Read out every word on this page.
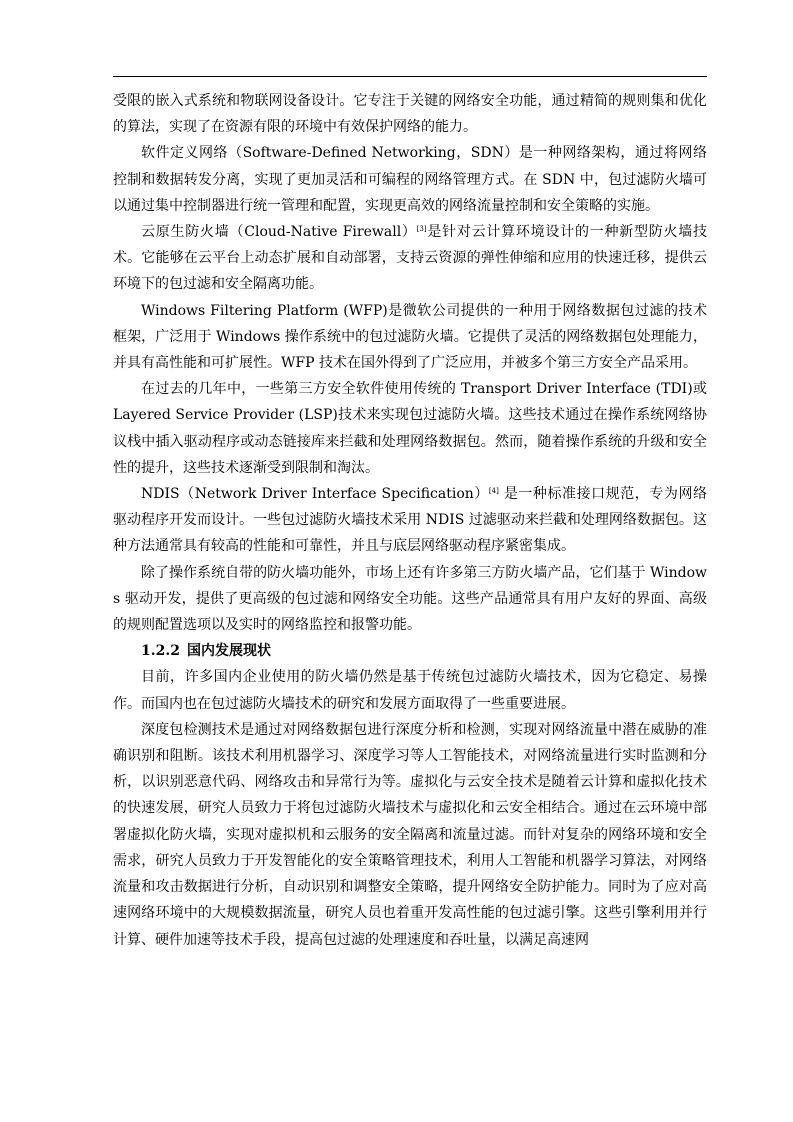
受限的嵌入式系统和物联网设备设计。它专注于关键的网络安全功能，通过精简的规则集和优化的算法，实现了在资源有限的环境中有效保护网络的能力。

软件定义网络（Software-Defined Networking，SDN）是一种网络架构，通过将网络控制和数据转发分离，实现了更加灵活和可编程的网络管理方式。在 SDN 中，包过滤防火墙可以通过集中控制器进行统一管理和配置，实现更高效的网络流量控制和安全策略的实施。

云原生防火墙（Cloud-Native Firewall）[3]是针对云计算环境设计的一种新型防火墙技术。它能够在云平台上动态扩展和自动部署，支持云资源的弹性伸缩和应用的快速迁移，提供云环境下的包过滤和安全隔离功能。

Windows Filtering Platform (WFP)是微软公司提供的一种用于网络数据包过滤的技术框架，广泛用于 Windows 操作系统中的包过滤防火墙。它提供了灵活的网络数据包处理能力，并具有高性能和可扩展性。WFP 技术在国外得到了广泛应用，并被多个第三方安全产品采用。

在过去的几年中，一些第三方安全软件使用传统的 Transport Driver Interface (TDI)或 Layered Service Provider (LSP)技术来实现包过滤防火墙。这些技术通过在操作系统网络协议栈中插入驱动程序或动态链接库来拦截和处理网络数据包。然而，随着操作系统的升级和安全性的提升，这些技术逐渐受到限制和淘汰。

NDIS（Network Driver Interface Specification）[4] 是一种标准接口规范，专为网络驱动程序开发而设计。一些包过滤防火墙技术采用 NDIS 过滤驱动来拦截和处理网络数据包。这种方法通常具有较高的性能和可靠性，并且与底层网络驱动程序紧密集成。

除了操作系统自带的防火墙功能外，市场上还有许多第三方防火墙产品，它们基于 Windows 驱动开发，提供了更高级的包过滤和网络安全功能。这些产品通常具有用户友好的界面、高级的规则配置选项以及实时的网络监控和报警功能。

1.2.2 国内发展现状

目前，许多国内企业使用的防火墙仍然是基于传统包过滤防火墙技术，因为它稳定、易操作。而国内也在包过滤防火墙技术的研究和发展方面取得了一些重要进展。

深度包检测技术是通过对网络数据包进行深度分析和检测，实现对网络流量中潜在威胁的准确识别和阻断。该技术利用机器学习、深度学习等人工智能技术，对网络流量进行实时监测和分析，以识别恶意代码、网络攻击和异常行为等。虚拟化与云安全技术是随着云计算和虚拟化技术的快速发展，研究人员致力于将包过滤防火墙技术与虚拟化和云安全相结合。通过在云环境中部署虚拟化防火墙，实现对虚拟机和云服务的安全隔离和流量过滤。而针对复杂的网络环境和安全需求，研究人员致力于开发智能化的安全策略管理技术，利用人工智能和机器学习算法，对网络流量和攻击数据进行分析，自动识别和调整安全策略，提升网络安全防护能力。同时为了应对高速网络环境中的大规模数据流量，研究人员也着重开发高性能的包过滤引擎。这些引擎利用并行计算、硬件加速等技术手段，提高包过滤的处理速度和吞吐量，以满足高速网
